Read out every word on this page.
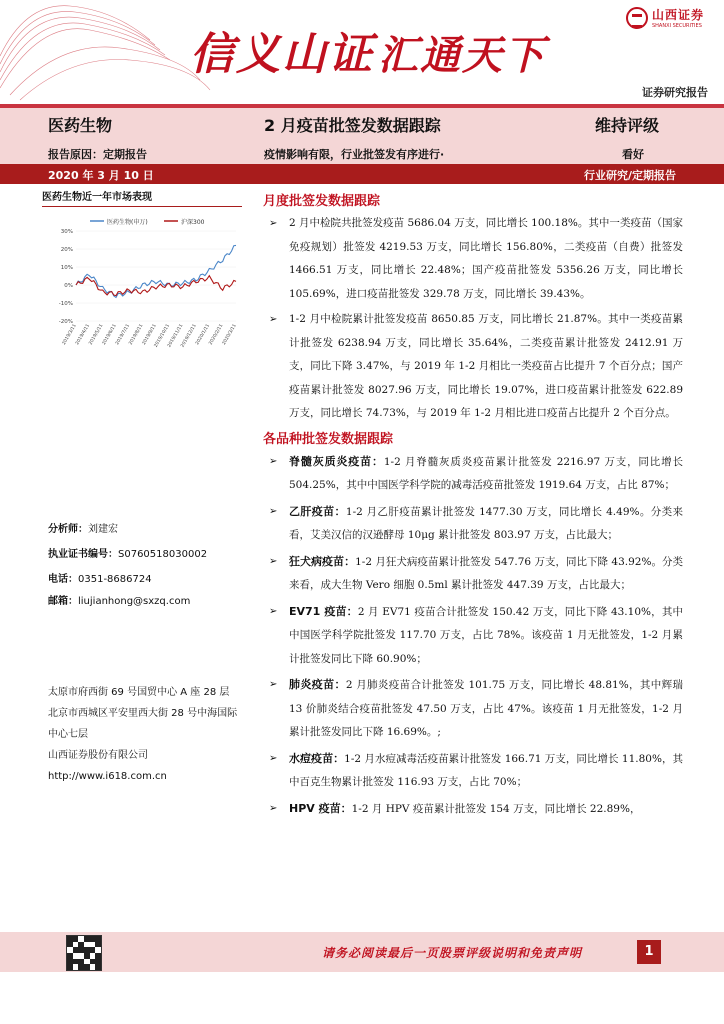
信义山证 汇通天下
山西证券
SHANXI SECURITIES
证券研究报告
医药生物	2 月疫苗批签发数据跟踪	维持评级
报告原因：定期报告	疫情影响有限，行业批签发有序进行·	看好
2020 年 3 月 10 日	行业研究/定期报告
医药生物近一年市场表现
医药生物(申万)	沪深300
30%
20%
10%
0%
-10%
-20%
2019/3/11
2019/4/11
2019/5/11
2019/6/11
2019/7/11
2019/8/11
2019/9/11
2019/10/11
2019/11/11
2019/12/11
2020/1/11
2020/2/11
2020/3/11
分析师：刘建宏
执业证书编号：S0760518030002
电话：0351-8686724
邮箱：liujianhong@sxzq.com
太原市府西街 69 号国贸中心 A 座 28 层
北京市西城区平安里西大街 28 号中海国际中心七层
山西证券股份有限公司
http://www.i618.com.cn
月度批签发数据跟踪
➢ 2 月中检院共批签发疫苗 5686.04 万支，同比增长 100.18%。其中一类疫苗（国家免疫规划）批签发 4219.53 万支，同比增长 156.80%，二类疫苗（自费）批签发 1466.51 万支，同比增长 22.48%；国产疫苗批签发 5356.26 万支，同比增长 105.69%，进口疫苗批签发 329.78 万支，同比增长 39.43%。
➢ 1-2 月中检院累计批签发疫苗 8650.85 万支，同比增长 21.87%。其中一类疫苗累计批签发 6238.94 万支，同比增长 35.64%，二类疫苗累计批签发 2412.91 万支，同比下降 3.47%，与 2019 年 1-2 月相比一类疫苗占比提升 7 个百分点；国产疫苗累计批签发 8027.96 万支，同比增长 19.07%，进口疫苗累计批签发 622.89 万支，同比增长 74.73%，与 2019 年 1-2 月相比进口疫苗占比提升 2 个百分点。
各品种批签发数据跟踪
➢ 脊髓灰质炎疫苗：1-2 月脊髓灰质炎疫苗累计批签发 2216.97 万支，同比增长 504.25%，其中中国医学科学院的减毒活疫苗批签发 1919.64 万支，占比 87%；
➢ 乙肝疫苗：1-2 月乙肝疫苗累计批签发 1477.30 万支，同比增长 4.49%。分类来看，艾美汉信的汉逊酵母 10μg 累计批签发 803.97 万支，占比最大；
➢ 狂犬病疫苗：1-2 月狂犬病疫苗累计批签发 547.76 万支，同比下降 43.92%。分类来看，成大生物 Vero 细胞 0.5ml 累计批签发 447.39 万支，占比最大；
➢ EV71 疫苗：2 月 EV71 疫苗合计批签发 150.42 万支，同比下降 43.10%，其中中国医学科学院批签发 117.70 万支，占比 78%。该疫苗 1 月无批签发，1-2 月累计批签发同比下降 60.90%；
➢ 肺炎疫苗：2 月肺炎疫苗合计批签发 101.75 万支，同比增长 48.81%，其中辉瑞 13 价肺炎结合疫苗批签发 47.50 万支，占比 47%。该疫苗 1 月无批签发，1-2 月累计批签发同比下降 16.69%。;
➢ 水痘疫苗：1-2 月水痘减毒活疫苗累计批签发 166.71 万支，同比增长 11.80%，其中百克生物累计批签发 116.93 万支，占比 70%；
➢ HPV 疫苗：1-2 月 HPV 疫苗累计批签发 154 万支，同比增长 22.89%，
请务必阅读最后一页股票评级说明和免责声明	1
